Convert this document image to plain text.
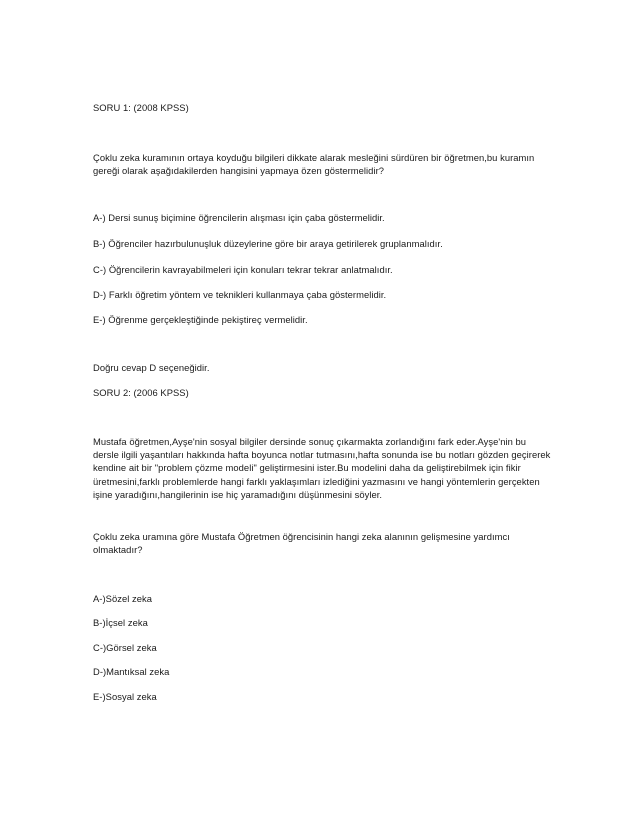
SORU 1: (2008 KPSS)
Çoklu zeka kuramının ortaya koyduğu bilgileri dikkate alarak mesleğini sürdüren bir öğretmen,bu kuramın gereği olarak aşağıdakilerden hangisini yapmaya özen göstermelidir?
A-) Dersi sunuş biçimine öğrencilerin alışması için çaba göstermelidir.
B-) Öğrenciler hazırbulunuşluk düzeylerine göre bir araya getirilerek gruplanmalıdır.
C-) Öğrencilerin kavrayabilmeleri için konuları tekrar tekrar anlatmalıdır.
D-) Farklı öğretim yöntem ve teknikleri kullanmaya çaba göstermelidir.
E-) Öğrenme gerçekleştiğinde pekiştireç vermelidir.
Doğru cevap D seçeneğidir.
SORU 2: (2006 KPSS)
Mustafa öğretmen,Ayşe'nin sosyal bilgiler dersinde sonuç çıkarmakta zorlandığını fark eder.Ayşe'nin bu dersle ilgili yaşantıları hakkında hafta boyunca notlar tutmasını,hafta sonunda ise bu notları gözden geçirerek kendine ait bir "problem çözme modeli" geliştirmesini ister.Bu modelini daha da geliştirebilmek için fikir üretmesini,farklı problemlerde hangi farklı yaklaşımları izlediğini yazmasını ve hangi yöntemlerin gerçekten işine yaradığını,hangilerinin ise hiç yaramadığını düşünmesini söyler.
Çoklu zeka uramına göre Mustafa Öğretmen öğrencisinin hangi zeka alanının gelişmesine yardımcı olmaktadır?
A-)Sözel zeka
B-)İçsel zeka
C-)Görsel zeka
D-)Mantıksal zeka
E-)Sosyal zeka
